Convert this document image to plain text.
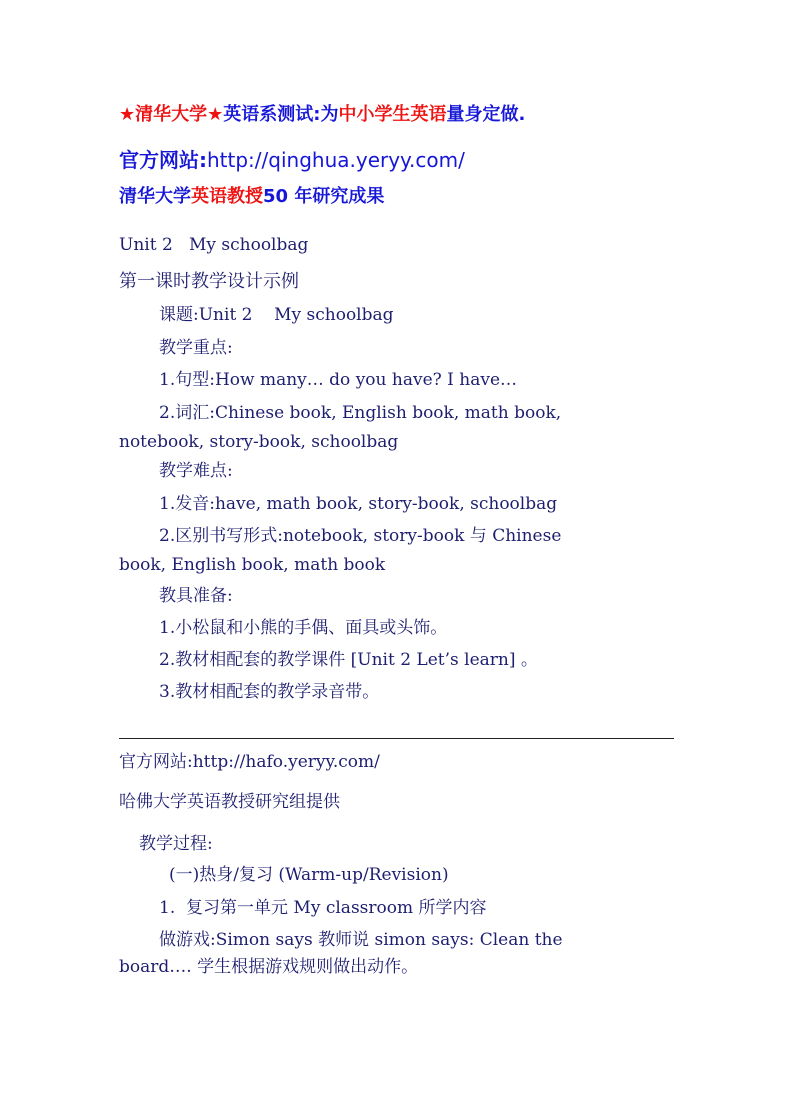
★清华大学★英语系测试:为中小学生英语量身定做.
官方网站:http://qinghua.yeryy.com/
清华大学英语教授50 年研究成果
Unit 2   My schoolbag
第一课时教学设计示例
课题:Unit 2    My schoolbag
教学重点:
1.句型:How many… do you have? I have…
2.词汇:Chinese book, English book, math book,
notebook, story-book, schoolbag
教学难点:
1.发音:have, math book, story-book, schoolbag
2.区别书写形式:notebook, story-book 与 Chinese
book, English book, math book
教具准备:
1.小松鼠和小熊的手偶、面具或头饰。
2.教材相配套的教学课件 [Unit 2 Let’s learn] 。
3.教材相配套的教学录音带。
官方网站:http://hafo.yeryy.com/
哈佛大学英语教授研究组提供
教学过程:
(一)热身/复习 (Warm-up/Revision)
1.  复习第一单元 My classroom 所学内容
做游戏:Simon says 教师说 simon says: Clean the
board…. 学生根据游戏规则做出动作。
